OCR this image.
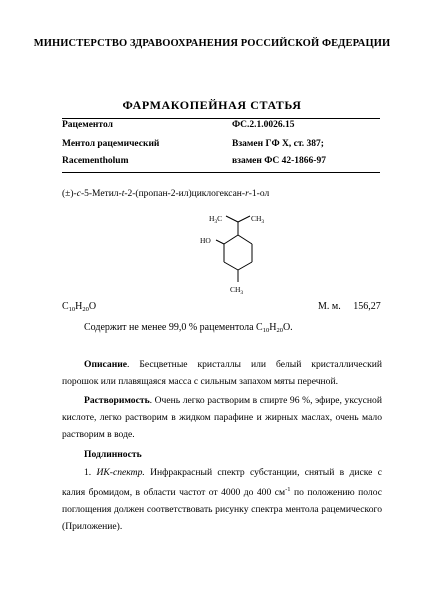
МИНИСТЕРСТВО ЗДРАВООХРАНЕНИЯ РОССИЙСКОЙ ФЕДЕРАЦИИ
ФАРМАКОПЕЙНАЯ СТАТЬЯ
Рацементол	ФС.2.1.0026.15
Ментол рацемический	Взамен ГФ X, ст. 387;
Racementholum	взамен ФС 42-1866-97
(±)-c-5-Метил-t-2-(пропан-2-ил)циклогексан-r-1-ол
$H_3C$	$CH_3$
HO
$CH_3$
$C_{10}H_{20}O$	М. м. 156,27
Содержит не менее 99,0 % рацементола $C_{10}H_{20}O$.
Описание. Бесцветные кристаллы или белый кристаллический порошок или плавящаяся масса с сильным запахом мяты перечной.
Растворимость. Очень легко растворим в спирте 96 %, эфире, уксусной кислоте, легко растворим в жидком парафине и жирных маслах, очень мало растворим в воде.
Подлинность
1. ИК-спектр. Инфракрасный спектр субстанции, снятый в диске с калия бромидом, в области частот от 4000 до 400 $см^{-1}$ по положению полос поглощения должен соответствовать рисунку спектра ментола рацемического (Приложение).
